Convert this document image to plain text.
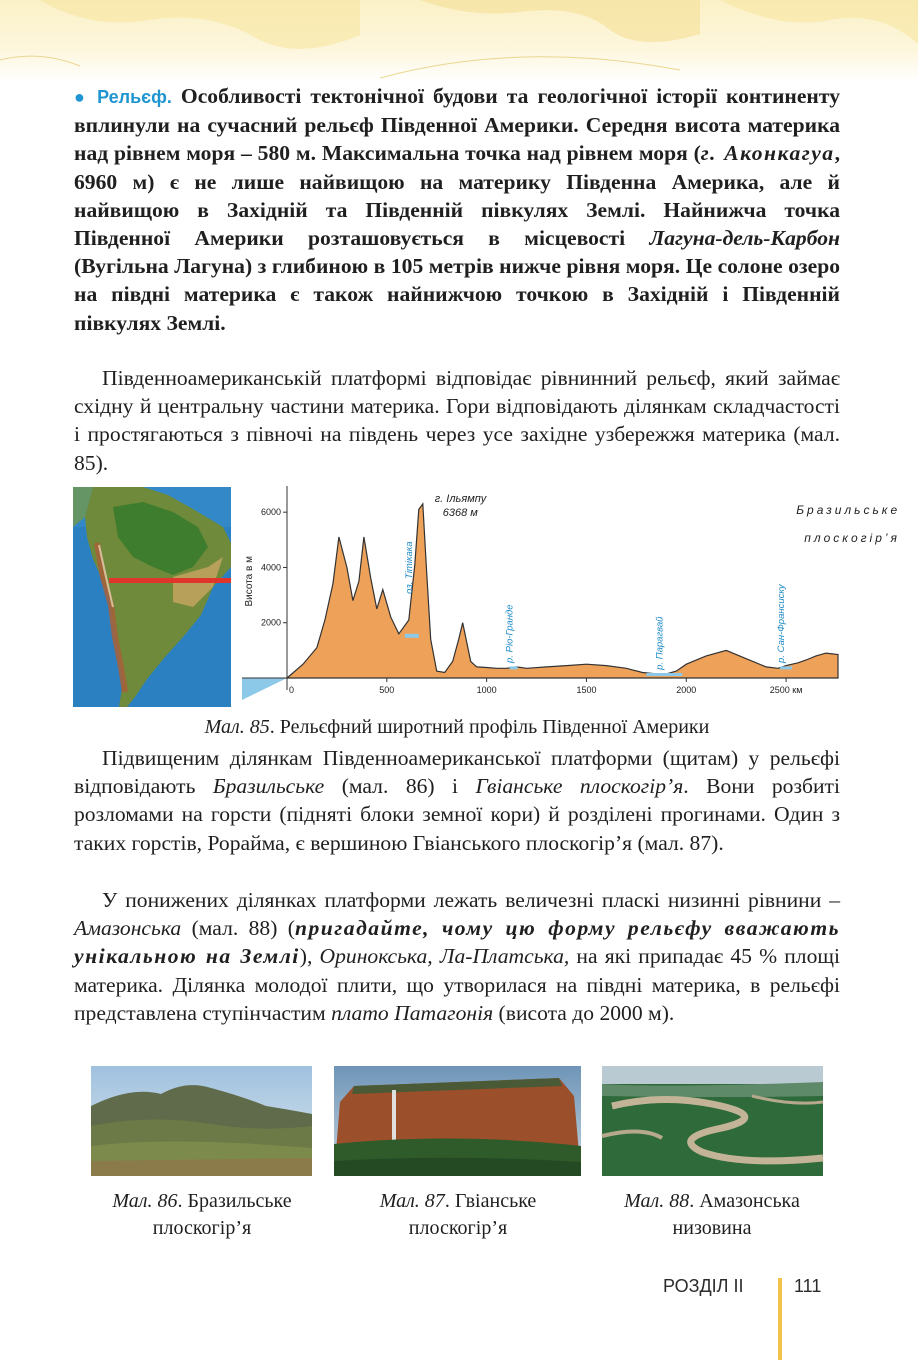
● Рельєф. Особливості тектонічної будови та геологічної історії континенту вплинули на сучасний рельєф Південної Америки. Середня висота материка над рівнем моря – 580 м. Максимальна точка над рівнем моря (г. Аконкагуа, 6960 м) є не лише найвищою на материку Південна Америка, але й найвищою в Західній та Південній півкулях Землі. Найнижча точка Південної Америки розташовується в місцевості Лагуна-дель-Карбон (Вугільна Лагуна) з глибиною в 105 метрів нижче рівня моря. Це солоне озеро на півдні материка є також найнижчою точкою в Західній і Південній півкулях Землі.

Південноамериканській платформі відповідає рівнинний рельєф, який займає східну й центральну частини материка. Гори відповідають ділянкам складчастості і простягаються з півночі на південь через усе західне узбережжя материка (мал. 85).

2000
4000
6000
0	500	1000	1500	2000	2500 км
Висота в м
г. Ільямпу
6368 м
оз. Тітікака
р. Ріо-Гранде	р. Парагвай	р. Сан-Франсиску
Бразильське
плоскогір’я
Мал. 85. Рельєфний широтний профіль Південної Америки

Підвищеним ділянкам Південноамериканської платформи (щитам) у рельєфі відповідають Бразильське (мал. 86) і Гвіанське плоскогір’я. Вони розбиті розломами на горсти (підняті блоки земної кори) й розділені прогинами. Один з таких горстів, Рорайма, є вершиною Гвіанського плоскогір’я (мал. 87).

У понижених ділянках платформи лежать величезні пласкі низинні рівнини – Амазонська (мал. 88) (пригадайте, чому цю форму рельєфу вважають унікальною на Землі), Оринокська, Ла-Платська, на які припадає 45 % площі материка. Ділянка молодої плити, що утворилася на півдні материка, в рельєфі представлена ступінчастим плато Патагонія (висота до 2000 м).

Мал. 86. Бразильське
плоскогір’я
Мал. 87. Гвіанське
плоскогір’я
Мал. 88. Амазонська
низовина
РОЗДІЛ ІІ	111
